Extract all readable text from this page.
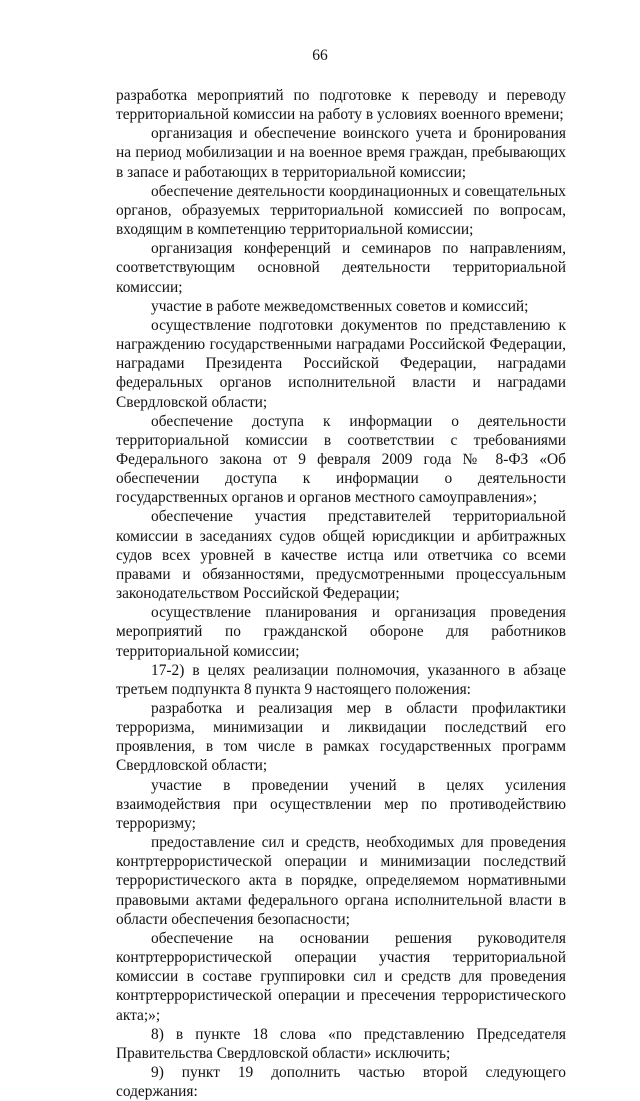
66

разработка мероприятий по подготовке к переводу и переводу территориальной комиссии на работу в условиях военного времени;

организация и обеспечение воинского учета и бронирования на период мобилизации и на военное время граждан, пребывающих в запасе и работающих в территориальной комиссии;

обеспечение деятельности координационных и совещательных органов, образуемых территориальной комиссией по вопросам, входящим в компетенцию территориальной комиссии;

организация конференций и семинаров по направлениям, соответствующим основной деятельности территориальной комиссии;

участие в работе межведомственных советов и комиссий;

осуществление подготовки документов по представлению к награждению государственными наградами Российской Федерации, наградами Президента Российской Федерации, наградами федеральных органов исполнительной власти и наградами Свердловской области;

обеспечение доступа к информации о деятельности территориальной комиссии в соответствии с требованиями Федерального закона от 9 февраля 2009 года № 8-ФЗ «Об обеспечении доступа к информации о деятельности государственных органов и органов местного самоуправления»;

обеспечение участия представителей территориальной комиссии в заседаниях судов общей юрисдикции и арбитражных судов всех уровней в качестве истца или ответчика со всеми правами и обязанностями, предусмотренными процессуальным законодательством Российской Федерации;

осуществление планирования и организация проведения мероприятий по гражданской обороне для работников территориальной комиссии;

17-2) в целях реализации полномочия, указанного в абзаце третьем подпункта 8 пункта 9 настоящего положения:

разработка и реализация мер в области профилактики терроризма, минимизации и ликвидации последствий его проявления, в том числе в рамках государственных программ Свердловской области;

участие в проведении учений в целях усиления взаимодействия при осуществлении мер по противодействию терроризму;

предоставление сил и средств, необходимых для проведения контртеррористической операции и минимизации последствий террористического акта в порядке, определяемом нормативными правовыми актами федерального органа исполнительной власти в области обеспечения безопасности;

обеспечение на основании решения руководителя контртеррористической операции участия территориальной комиссии в составе группировки сил и средств для проведения контртеррористической операции и пресечения террористического акта;»;

8) в пункте 18 слова «по представлению Председателя Правительства Свердловской области» исключить;

9) пункт 19 дополнить частью второй следующего содержания:
